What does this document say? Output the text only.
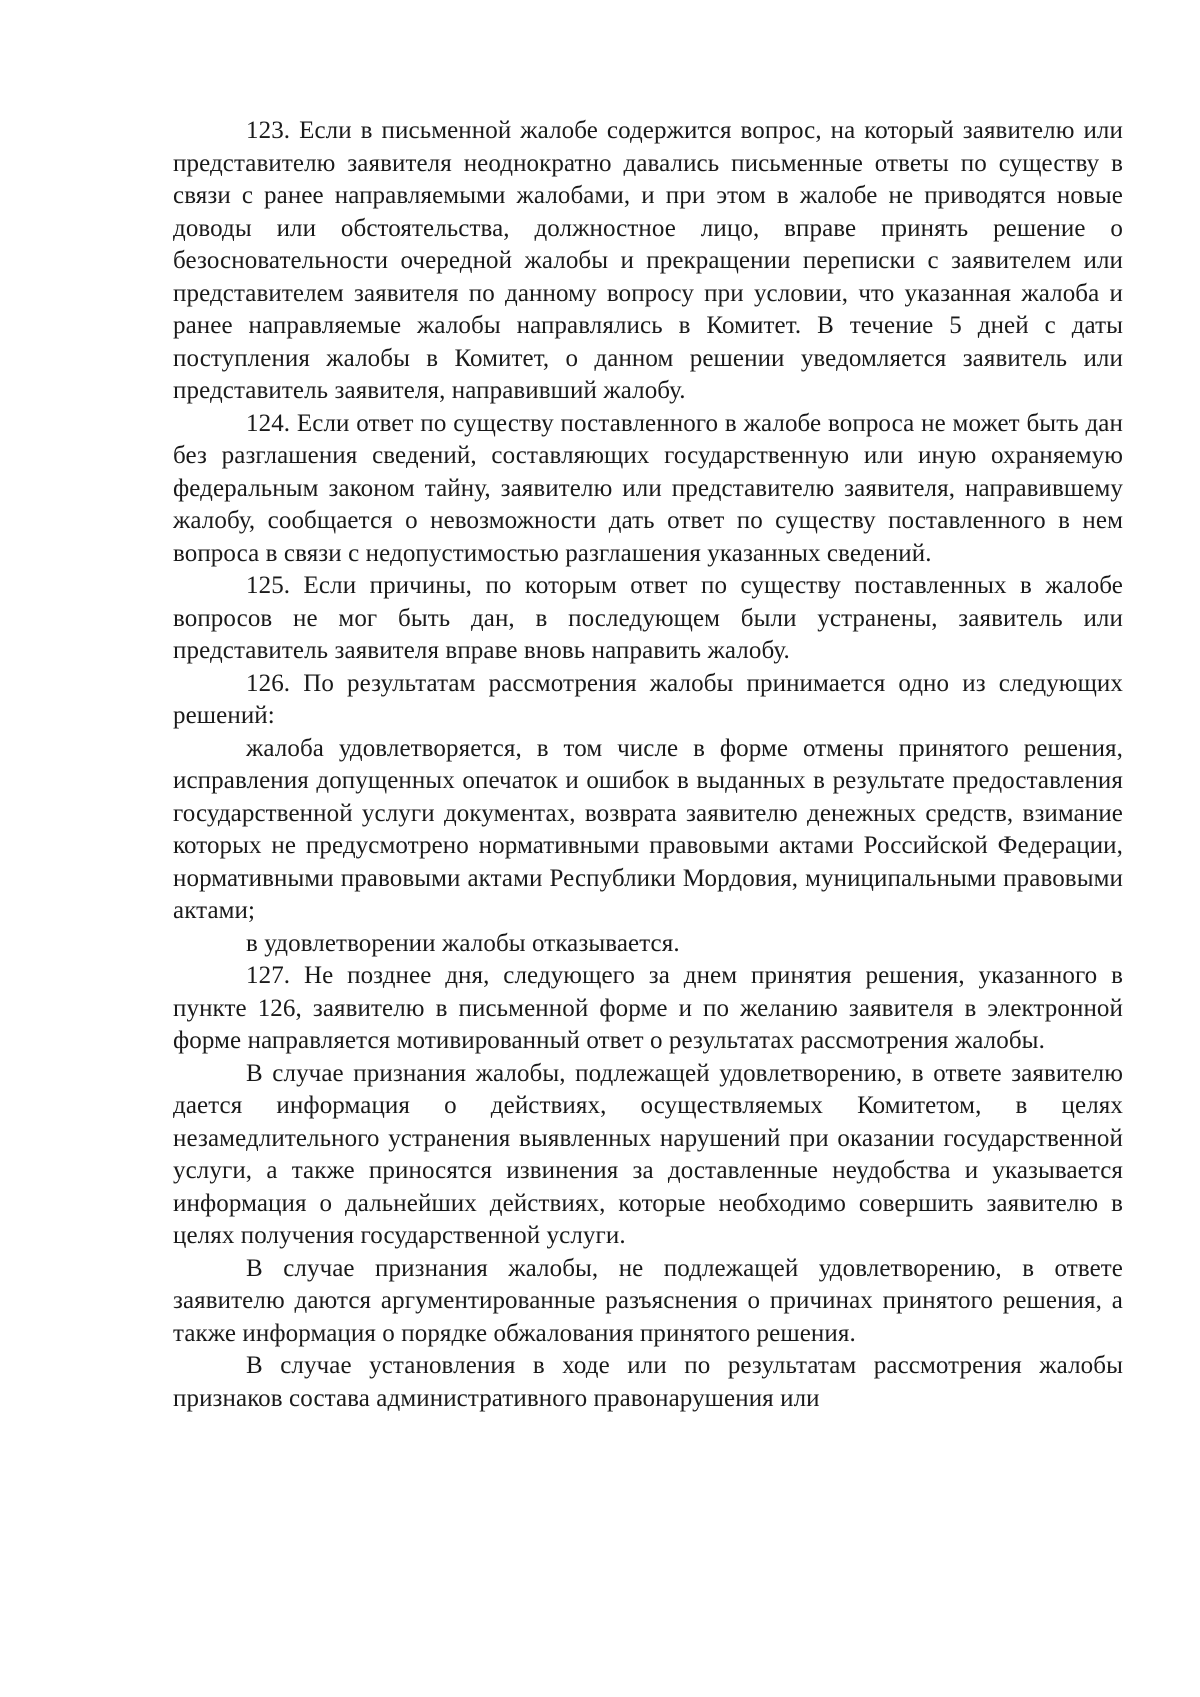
123. Если в письменной жалобе содержится вопрос, на который заявителю или представителю заявителя неоднократно давались письменные ответы по существу в связи с ранее направляемыми жалобами, и при этом в жалобе не приводятся новые доводы или обстоятельства, должностное лицо, вправе принять решение о безосновательности очередной жалобы и прекращении переписки с заявителем или представителем заявителя по данному вопросу при условии, что указанная жалоба и ранее направляемые жалобы направлялись в Комитет. В течение 5 дней с даты поступления жалобы в Комитет, о данном решении уведомляется заявитель или представитель заявителя, направивший жалобу.

124. Если ответ по существу поставленного в жалобе вопроса не может быть дан без разглашения сведений, составляющих государственную или иную охраняемую федеральным законом тайну, заявителю или представителю заявителя, направившему жалобу, сообщается о невозможности дать ответ по существу поставленного в нем вопроса в связи с недопустимостью разглашения указанных сведений.

125. Если причины, по которым ответ по существу поставленных в жалобе вопросов не мог быть дан, в последующем были устранены, заявитель или представитель заявителя вправе вновь направить жалобу.

126. По результатам рассмотрения жалобы принимается одно из следующих решений:

жалоба удовлетворяется, в том числе в форме отмены принятого решения, исправления допущенных опечаток и ошибок в выданных в результате предоставления государственной услуги документах, возврата заявителю денежных средств, взимание которых не предусмотрено нормативными правовыми актами Российской Федерации, нормативными правовыми актами Республики Мордовия, муниципальными правовыми актами;

в удовлетворении жалобы отказывается.

127. Не позднее дня, следующего за днем принятия решения, указанного в пункте 126, заявителю в письменной форме и по желанию заявителя в электронной форме направляется мотивированный ответ о результатах рассмотрения жалобы.

В случае признания жалобы, подлежащей удовлетворению, в ответе заявителю дается информация о действиях, осуществляемых Комитетом, в целях незамедлительного устранения выявленных нарушений при оказании государственной услуги, а также приносятся извинения за доставленные неудобства и указывается информация о дальнейших действиях, которые необходимо совершить заявителю в целях получения государственной услуги.

В случае признания жалобы, не подлежащей удовлетворению, в ответе заявителю даются аргументированные разъяснения о причинах принятого решения, а также информация о порядке обжалования принятого решения.

В случае установления в ходе или по результатам рассмотрения жалобы признаков состава административного правонарушения или
